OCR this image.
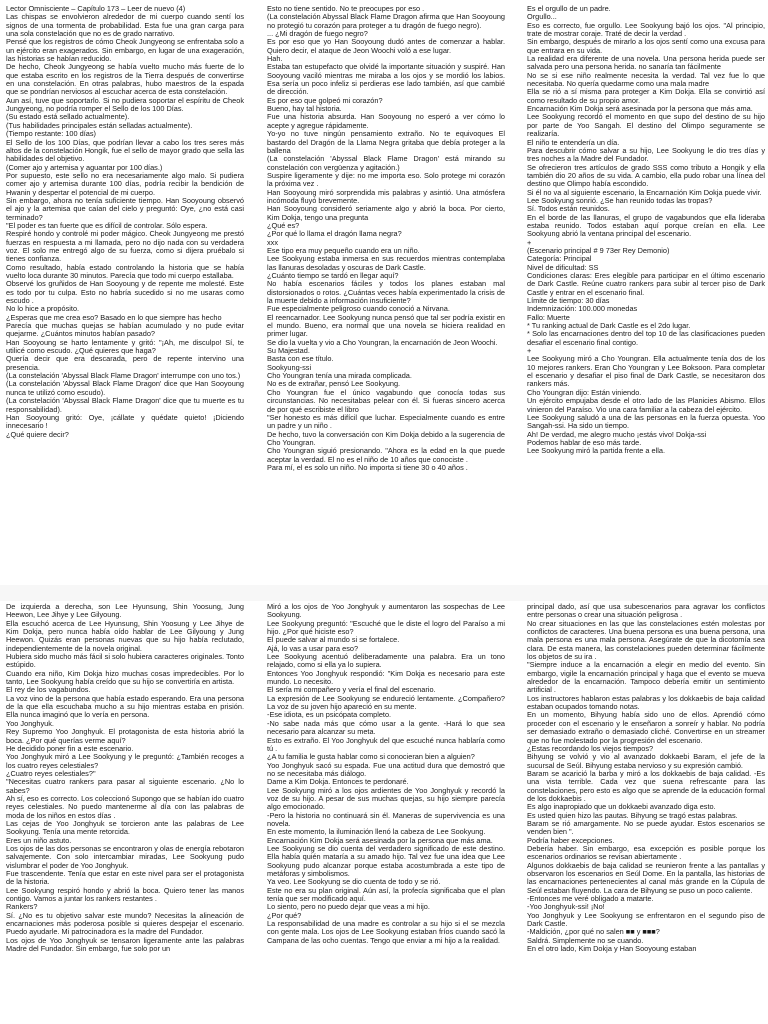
Lector Omnisciente – Capítulo 173 – Leer de nuevo (4)

Las chispas se envolvieron alrededor de mi cuerpo cuando sentí los signos de una tormenta de probabilidad. Esta fue una gran carga para una sola constelación que no es de grado narrativo.

Pensé que los registros de cómo Cheok Jungyeong se enfrentaba solo a un ejército eran exagerados. Sin embargo, en lugar de una exageración, las historias se habían reducido.

De hecho, Cheok Jungyeong se había vuelto mucho más fuerte de lo que estaba escrito en los registros de la Tierra después de convertirse en una constelación. En otras palabras, hubo maestros de la espada que se pondrían nerviosos al escuchar acerca de esta constelación.

Aun así, tuve que soportarlo. Si no pudiera soportar el espíritu de Cheok Jungyeong, no podría romper el Sello de los 100 Días.

(Su estado está sellado actualmente).

(Tus habilidades principales están selladas actualmente).

(Tiempo restante: 100 días)

El Sello de los 100 Días, que podrían llevar a cabo los tres seres más altos de la constelación Hongik, fue el sello de mayor grado que sella las habilidades del objetivo.

(Comer ajo y artemisa y aguantar por 100 días.)

Por supuesto, este sello no era necesariamente algo malo. Si pudiera comer ajo y artemisa durante 100 días, podría recibir la bendición de Hwanin y despertar el potencial de mi cuerpo.

Sin embargo, ahora no tenía suficiente tiempo. Han Sooyoung observó el ajo y la artemisa que caían del cielo y preguntó: Oye, ¿no está casi terminado?

"El poder es tan fuerte que es difícil de controlar. Sólo espera.

Respiré hondo y controlé mi poder mágico. Cheok Jungyeong me prestó fuerzas en respuesta a mi llamada, pero no dijo nada con su verdadera voz. El solo me entregó algo de su fuerza, como si dijera pruébalo si tienes confianza.

Como resultado, había estado controlando la historia que se había vuelto loca durante 30 minutos. Parecía que todo mi cuerpo estallaba.

Observé los gruñidos de Han Sooyoung y de repente me molesté. Este es todo por tu culpa. Esto no habría sucedido si no me usaras como escudo .

No lo hice a propósito.

¿Esperas que me crea eso? Basado en lo que siempre has hecho

Parecía que muchas quejas se habían acumulado y no pude evitar quejarme. ¿Cuántos minutos habían pasado?

Han Sooyoung se harto lentamente y gritó: "¡Ah, me disculpo! Sí, te utilicé como escudo. ¿Qué quieres que haga?

Quería decir que era descarada, pero de repente intervino una presencia.

(La constelación 'Abyssal Black Flame Dragon' interrumpe con uno tos.)

(La constelación 'Abyssal Black Flame Dragon' dice que Han Sooyoung nunca te utilizó como escudo).

(La constelación 'Abyssal Black Flame Dragon' dice que tu muerte es tu responsabilidad).

Han Sooyoung gritó: Oye, ¡cállate y quédate quieto! ¡Diciendo innecesario !

¿Qué quiere decir?

Esto no tiene sentido. No te preocupes por eso .

(La constelación Abyssal Black Flame Dragon afirma que Han Sooyoung no protegió tu corazón para proteger a tu dragón de fuego negro).

... ¿Mi dragón de fuego negro?

Es por eso que yo Han Sooyoung dudó antes de comenzar a hablar. Quiero decir, el ataque de Jeon Woochi voló a ese lugar.

Hah.

Estaba tan estupefacto que olvidé la importante situación y suspiré. Han Sooyoung vaciló mientras me miraba a los ojos y se mordió los labios. Esa sería un poco infeliz si perdieras ese lado también, así que cambié de dirección.

Es por eso que golpeó mi corazón?

Bueno, hay tal historia.

Fue una historia absurda. Han Sooyoung no esperó a ver cómo lo acepte y agregue rápidamente.

Yo-yo no tuve ningún pensamiento extraño. No te equivoques El bastardo del Dragón de la Llama Negra gritaba que debía proteger a la ballena

(La constelación 'Abyssal Black Flame Dragon' está mirando su constelación con vergüenza y agitación.)

Suspire ligeramente y dije: no me importa eso. Solo protege mi corazón la próxima vez .

Han Sooyoung miró sorprendida mis palabras y asintió. Una atmósfera incómoda fluyó brevemente.

Han Sooyoung consideró seriamente algo y abrió la boca. Por cierto, Kim Dokja, tengo una pregunta

¿Qué es?

¿Por qué lo llama el dragón llama negra?

xxx

Ese tipo era muy pequeño cuando era un niño.

Lee Sookyung estaba inmersa en sus recuerdos mientras contemplaba las llanuras desoladas y oscuras de Dark Castle.

¿Cuánto tiempo se tardó en llegar aquí?

No había escenarios fáciles y todos los planes estaban mal distorsionados o rotos. ¿Cuántas veces había experimentado la crisis de la muerte debido a información insuficiente?

Fue especialmente peligroso cuando conoció a Nirvana.

El reencarnador. Lee Sookyung nunca pensó que tal ser podría existir en el mundo. Bueno, era normal que una novela se hiciera realidad en primer lugar.

Se dio la vuelta y vio a Cho Youngran, la encarnación de Jeon Woochi.

Su Majestad.

Basta con ese título.

Sookyung-ssi

Cho Youngran tenía una mirada complicada.

No es de extrañar, pensó Lee Sookyung.

Cho Youngran fue el único vagabundo que conocía todas sus circunstancias. No necesitabas pelear con él. Si fueras sincero acerca de por qué escribiste el libro

"Ser honesto es más difícil que luchar. Especialmente cuando es entre un padre y un niño .

De hecho, tuvo la conversación con Kim Dokja debido a la sugerencia de Cho Youngran.

Cho Youngran siguió presionando. "Ahora es la edad en la que puede aceptar la verdad. El no es el niño de 10 años que conociste .

Para mí, el es solo un niño. No importa si tiene 30 o 40 años .

Es el orgullo de un padre.

Orgullo...

Eso es correcto, fue orgullo. Lee Sookyung bajó los ojos. "Al principio, trate de mostrar coraje. Traté de decir la verdad .

Sin embargo, después de mirarlo a los ojos sentí como una excusa para que entrara en su vida.

La realidad era diferente de una novela. Una persona herida puede ser salvada pero una persona herida. no sanaría tan fácilmente

No se si ese niño realmente necesita la verdad. Tal vez fue lo que necesitaba. No quería quedarme como una mala madre

Ella se rió a sí misma para proteger a Kim Dokja. Ella se convirtió así como resultado de su propio amor.

Encarnación Kim Dokja será asesinada por la persona que más ama.

Lee Sookyung recordó el momento en que supo del destino de su hijo por parte de Yoo Sangah. El destino del Olimpo seguramente se realizaría.

El niño te entendería un día.

Para descubrir cómo salvar a su hijo, Lee Sookyung le dio tres días y tres noches a la Madre del Fundador.

Se ofrecieron tres artículos de grado SSS como tributo a Hongik y ella también dio 20 años de su vida. A cambio, ella pudo robar una línea del destino que Olimpo había escondido.

Si él no va al siguiente escenario, la Encarnación Kim Dokja puede vivir.

Lee Sookyung sonrió. ¿Se han reunido todas las tropas?

Sí. Todos están reunidos.

En el borde de las llanuras, el grupo de vagabundos que ella lideraba estaba reunido. Todos estaban aquí porque creían en ella. Lee Sookyung abrió la ventana principal del escenario.

+

(Escenario principal # 9 73er Rey Demonio)

Categoría: Principal

Nivel de dificultad: SS

Condiciones claras: Eres elegible para participar en el último escenario de Dark Castle. Reúne cuatro rankers para subir al tercer piso de Dark Castle y entrar en el escenario final.

Límite de tiempo: 30 días

Indemnización: 100.000 monedas

Fallo: Muerte

* Tu ranking actual de Dark Castle es el 2do lugar.

* Solo las encarnaciones dentro del top 10 de las clasificaciones pueden desafiar el escenario final contigo.

+

Lee Sookyung miró a Cho Youngran. Ella actualmente tenía dos de los 10 mejores rankers. Eran Cho Youngran y Lee Boksoon. Para completar el escenario y desafiar el piso final de Dark Castle, se necesitaron dos rankers más.

Cho Youngran dijo: Están viniendo.

Un ejército empujaba desde el otro lado de las Planicies Abismo. Ellos vinieron del Paraíso. Vio una cara familiar a la cabeza del ejército.

Lee Sookyung saludó a una de las personas en la fuerza opuesta. Yoo Sangah-ssi. Ha sido un tiempo.

Ah! De verdad, me alegro mucho ¡estás vivo! Dokja-ssi

Podemos hablar de eso más tarde.

Lee Sookyung miró la partida frente a ella.

De izquierda a derecha, son Lee Hyunsung, Shin Yoosung, Jung Heewon, Lee Jihye y Lee Gilyoung.

Ella escuchó acerca de Lee Hyunsung, Shin Yoosung y Lee Jihye de Kim Dokja, pero nunca había oído hablar de Lee Gilyoung y Jung Heewon. Quizás eran personas nuevas que su hijo había reclutado, independientemente de la novela original.

Hubiera sido mucho más fácil si solo hubiera caracteres originales. Tonto estúpido.

Cuando era niño, Kim Dokja hizo muchas cosas impredecibles. Por lo tanto, Lee Sookyung había creído que su hijo se convertiría en artista.

El rey de los vagabundos.

La voz vino de la persona que había estado esperando. Era una persona de la que ella escuchaba mucho a su hijo mientras estaba en prisión. Ella nunca imaginó que lo vería en persona.

Yoo Jonghyuk.

Rey Supremo Yoo Jonghyuk. El protagonista de esta historia abrió la boca. ¿Por qué querías verme aquí?

He decidido poner fin a este escenario.

Yoo Jonghyuk miró a Lee Sookyung y le preguntó: ¿También recoges a los cuatro reyes celestiales?

¿Cuatro reyes celestiales?"

"Necesitas cuatro rankers para pasar al siguiente escenario. ¿No lo sabes?

Ah sí, eso es correcto. Los coleccionó Supongo que se habían ido cuatro reyes celestiales. No puedo mantenerme al día con las palabras de moda de los niños en estos días .

Las cejas de Yoo Jonghyuk se torcieron ante las palabras de Lee Sookyung. Tenía una mente retorcida.

Eres un niño astuto.

Los ojos de las dos personas se encontraron y olas de energía rebotaron salvajemente. Con solo intercambiar miradas, Lee Sookyung pudo vislumbrar el poder de Yoo Jonghyuk.

Fue trascendente. Tenía que estar en este nivel para ser el protagonista de la historia.

Lee Sookyung respiró hondo y abrió la boca. Quiero tener las manos contigo. Vamos a juntar los rankers restantes .

Rankers?

Sí. ¿No es tu objetivo salvar este mundo? Necesitas la alineación de encarnaciones más poderosa posible si quieres despejar el escenario. Puedo ayudarle. Mi patrocinadora es la madre del Fundador.

Los ojos de Yoo Jonghyuk se tensaron ligeramente ante las palabras Madre del Fundador. Sin embargo, fue solo por un

Miró a los ojos de Yoo Jonghyuk y aumentaron las sospechas de Lee Sookyung.

Lee Sookyung preguntó: "Escuché que le diste el logro del Paraíso a mi hijo. ¿Por qué hiciste eso?

El puede salvar al mundo si se fortalece.

Ajá, lo vas a usar para eso?

Lee Sookyung acentuó deliberadamente una palabra. Era un tono relajado, como si ella ya lo supiera.

Entonces Yoo Jonghyuk respondió: "Kim Dokja es necesario para este mundo. Lo necesito.

El sería mi compañero y vería el final del escenario.

La expresión de Lee Sookyung se endureció lentamente. ¿Compañero? La voz de su joven hijo apareció en su mente.

-Ese idiota, es un psicópata completo.

-No sabe nada más que cómo usar a la gente. -Hará lo que sea necesario para alcanzar su meta.

Esto es extraño. El Yoo Jonghyuk del que escuché nunca hablaría como tú .

¿A tu familia le gusta hablar como si conocieran bien a alguien?

Yoo Jonghyuk sacó su espada. Fue una actitud dura que demostró que no se necesitaba más diálogo.

Dame a Kim Dokja. Entonces te perdonaré.

Lee Sookyung miró a los ojos ardientes de Yoo Jonghyuk y recordó la voz de su hijo. A pesar de sus muchas quejas, su hijo siempre parecía algo emocionado.

-Pero la historia no continuará sin él. Maneras de supervivencia es una novela.

En este momento, la iluminación llenó la cabeza de Lee Sookyung.

Encarnación Kim Dokja será asesinada por la persona que más ama.

Lee Sookyung se dio cuenta del verdadero significado de este destino. Ella había quién mataría a su amado hijo. Tal vez fue una idea que Lee Sookyung pudo alcanzar porque estaba acostumbrada a este tipo de metáforas y simbolismos.

Ya veo. Lee Sookyung se dio cuenta de todo y se rió.

Este no era su plan original. Aún así, la profecía significaba que el plan tenía que ser modificado aquí.

Lo siento, pero no puedo dejar que veas a mi hijo.

¿Por qué?

La responsabilidad de una madre es controlar a su hijo si el se mezcla con gente mala. Los ojos de Lee Sookyung estaban fríos cuando sacó la Campana de las ocho cuentas. Tengo que enviar a mi hijo a la realidad.

principal dado, así que usa subescenarios para agravar los conflictos entre personas o crear una situación peligrosa .

No crear situaciones en las que las constelaciones estén molestas por conflictos de caracteres. Una buena persona es una buena persona, una mala persona es una mala persona. Asegúrate de que la dicotomía sea clara. De esta manera, las constelaciones pueden determinar fácilmente los objetos de su ira .

"Siempre induce a la encarnación a elegir en medio del evento. Sin embargo, vigile la encarnación principal y haga que el evento se mueva alrededor de la encarnación. Tampoco debería emitir un sentimiento artificial .

Los instructores hablaron estas palabras y los dokkaebis de baja calidad estaban ocupados tomando notas.

En un momento, Bihyung había sido uno de ellos. Aprendió cómo proceder con el escenario y le enseñaron a sonreír y hablar. No podría ser demasiado extraño o demasiado cliché. Convertirse en un streamer que no fue molestado por la progresión del escenario.

¿Estas recordando los viejos tiempos?

Bihyung se volvió y vio al avanzado dokkaebi Baram, el jefe de la sucursal de Seúl. Bihyung estaba nervioso y su expresión cambió.

Baram se acarició la barba y miró a los dokkaebis de baja calidad. -Es una vista terrible. Cada vez que suena refrescante para las constelaciones, pero esto es algo que se aprende de la educación formal de los dokkaebis .

Es algo inapropiado que un dokkaebi avanzado diga esto.

Es usted quien hizo las pautas. Bihyung se tragó estas palabras.

Baram se rió amargamente. No se puede ayudar. Estos escenarios se venden bien ".

Podría haber excepciones.

Debería haber. Sin embargo, esa excepción es posible porque los escenarios ordinarios se revisan abiertamente .

Algunos dokkaebis de baja calidad se reunieron frente a las pantallas y observaron los escenarios en Seúl Dome. En la pantalla, las historias de las encarnaciones pertenecientes al canal más grande en la Cúpula de Seúl estaban fluyendo. La cara de Bihyung se puso un poco caliente.

-Entonces me veré obligado a matarte.

-Yoo Jonghyuk-ssi! ¡No!

Yoo Jonghyuk y Lee Sookyung se enfrentaron en el segundo piso de Dark Castle.

-Maldición, ¿por qué no salen ■■ y ■■■?

Saldrá. Simplemente no se cuando.

En el otro lado, Kim Dokja y Han Sooyoung estaban
